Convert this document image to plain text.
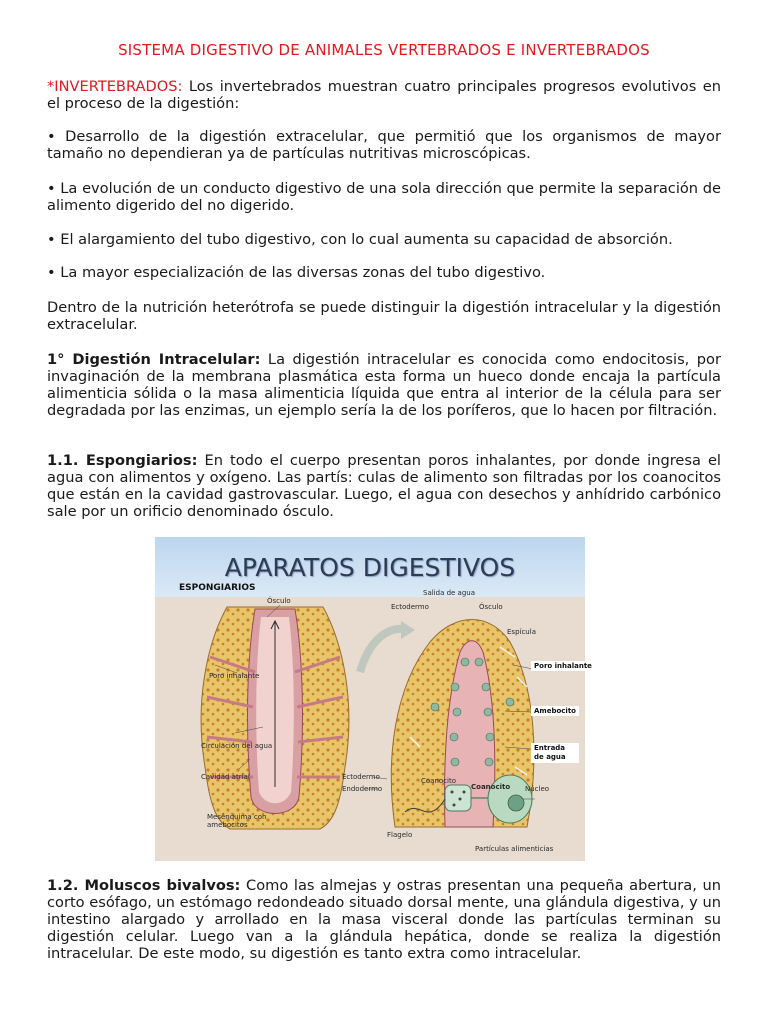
SISTEMA DIGESTIVO DE ANIMALES VERTEBRADOS E INVERTEBRADOS

*INVERTEBRADOS: Los invertebrados muestran cuatro principales progresos evolutivos en el proceso de la digestión:

• Desarrollo de la digestión extracelular, que permitió que los organismos de mayor tamaño no dependieran ya de partículas nutritivas microscópicas.

• La evolución de un conducto digestivo de una sola dirección que permite la separación de alimento digerido del no digerido.

• El alargamiento del tubo digestivo, con lo cual aumenta su capacidad de absorción.

• La mayor especialización de las diversas zonas del tubo digestivo.

Dentro de la nutrición heterótrofa se puede distinguir la digestión intracelular y la digestión extracelular.

1° Digestión Intracelular: La digestión intracelular es conocida como endocitosis, por invaginación de la membrana plasmática esta forma un hueco donde encaja la partícula alimenticia sólida o la masa alimenticia líquida que entra al interior de la célula para ser degradada por las enzimas, un ejemplo sería la de los poríferos, que lo hacen por filtración.

1.1. Espongiarios: En todo el cuerpo presentan poros inhalantes, por donde ingresa el agua con alimentos y oxígeno. Las partís: culas de alimento son filtradas por los coanocitos que están en la cavidad gastrovascular. Luego, el agua con desechos y anhídrido carbónico sale por un orificio denominado ósculo.

APARATOS DIGESTIVOS
ESPONGIARIOS
Ósculo
Salida de agua
Ectodermo	Ósculo
Espícula
Poro inhalante
Circulación del agua
Cavidad atrial
Mesénquima con amebocitos
Ectodermo
Endodermo
Coanocito
Coanocito Núcleo
Flagelo
Partículas alimenticias
Poro inhalante
Amebocito
Entrada de agua

1.2. Moluscos bivalvos: Como las almejas y ostras presentan una pequeña abertura, un corto esófago, un estómago redondeado situado dorsal mente, una glándula digestiva, y un intestino alargado y arrollado en la masa visceral donde las partículas terminan su digestión celular. Luego van a la glándula hepática, donde se realiza la digestión intracelular. De este modo, su digestión es tanto extra como intracelular.
